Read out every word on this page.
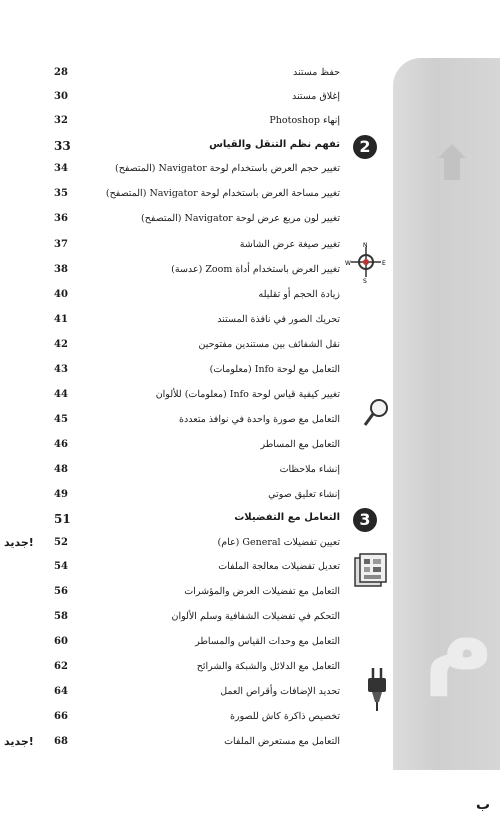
م
N
S
E
W
28	حفظ مستند
30	إغلاق مستند
32	إنهاء Photoshop
33	تفهم نظم التنقل والقياس	2
34	تغيير حجم العرض باستخدام لوحة Navigator (المتصفح)
35	تغيير مساحة العرض باستخدام لوحة Navigator (المتصفح)
36	تغيير لون مربع عرض لوحة Navigator (المتصفح)
37	تغيير صيغة عرض الشاشة
38	تغيير العرض باستخدام أداة Zoom (عدسة)
40	زيادة الحجم أو تقليله
41	تحريك الصور في نافذة المستند
42	نقل الشفائف بين مستندين مفتوحين
43	التعامل مع لوحة Info (معلومات)
44	تغيير كيفية قياس لوحة Info (معلومات) للألوان
45	التعامل مع صورة واحدة في نوافذ متعددة
46	التعامل مع المساطر
48	إنشاء ملاحظات
49	إنشاء تعليق صوتي
51	التعامل مع التفضيلات	3
52	تعيين تفضيلات General (عام)
جديد!
54	تعديل تفضيلات معالجة الملفات
56	التعامل مع تفضيلات العرض والمؤشرات
58	التحكم في تفضيلات الشفافية وسلم الألوان
60	التعامل مع وحدات القياس والمساطر
62	التعامل مع الدلائل والشبكة والشرائح
64	تحديد الإضافات وأقراص العمل
66	تخصيص ذاكرة كاش للصورة
68	التعامل مع مستعرض الملفات
جديد!
ب
